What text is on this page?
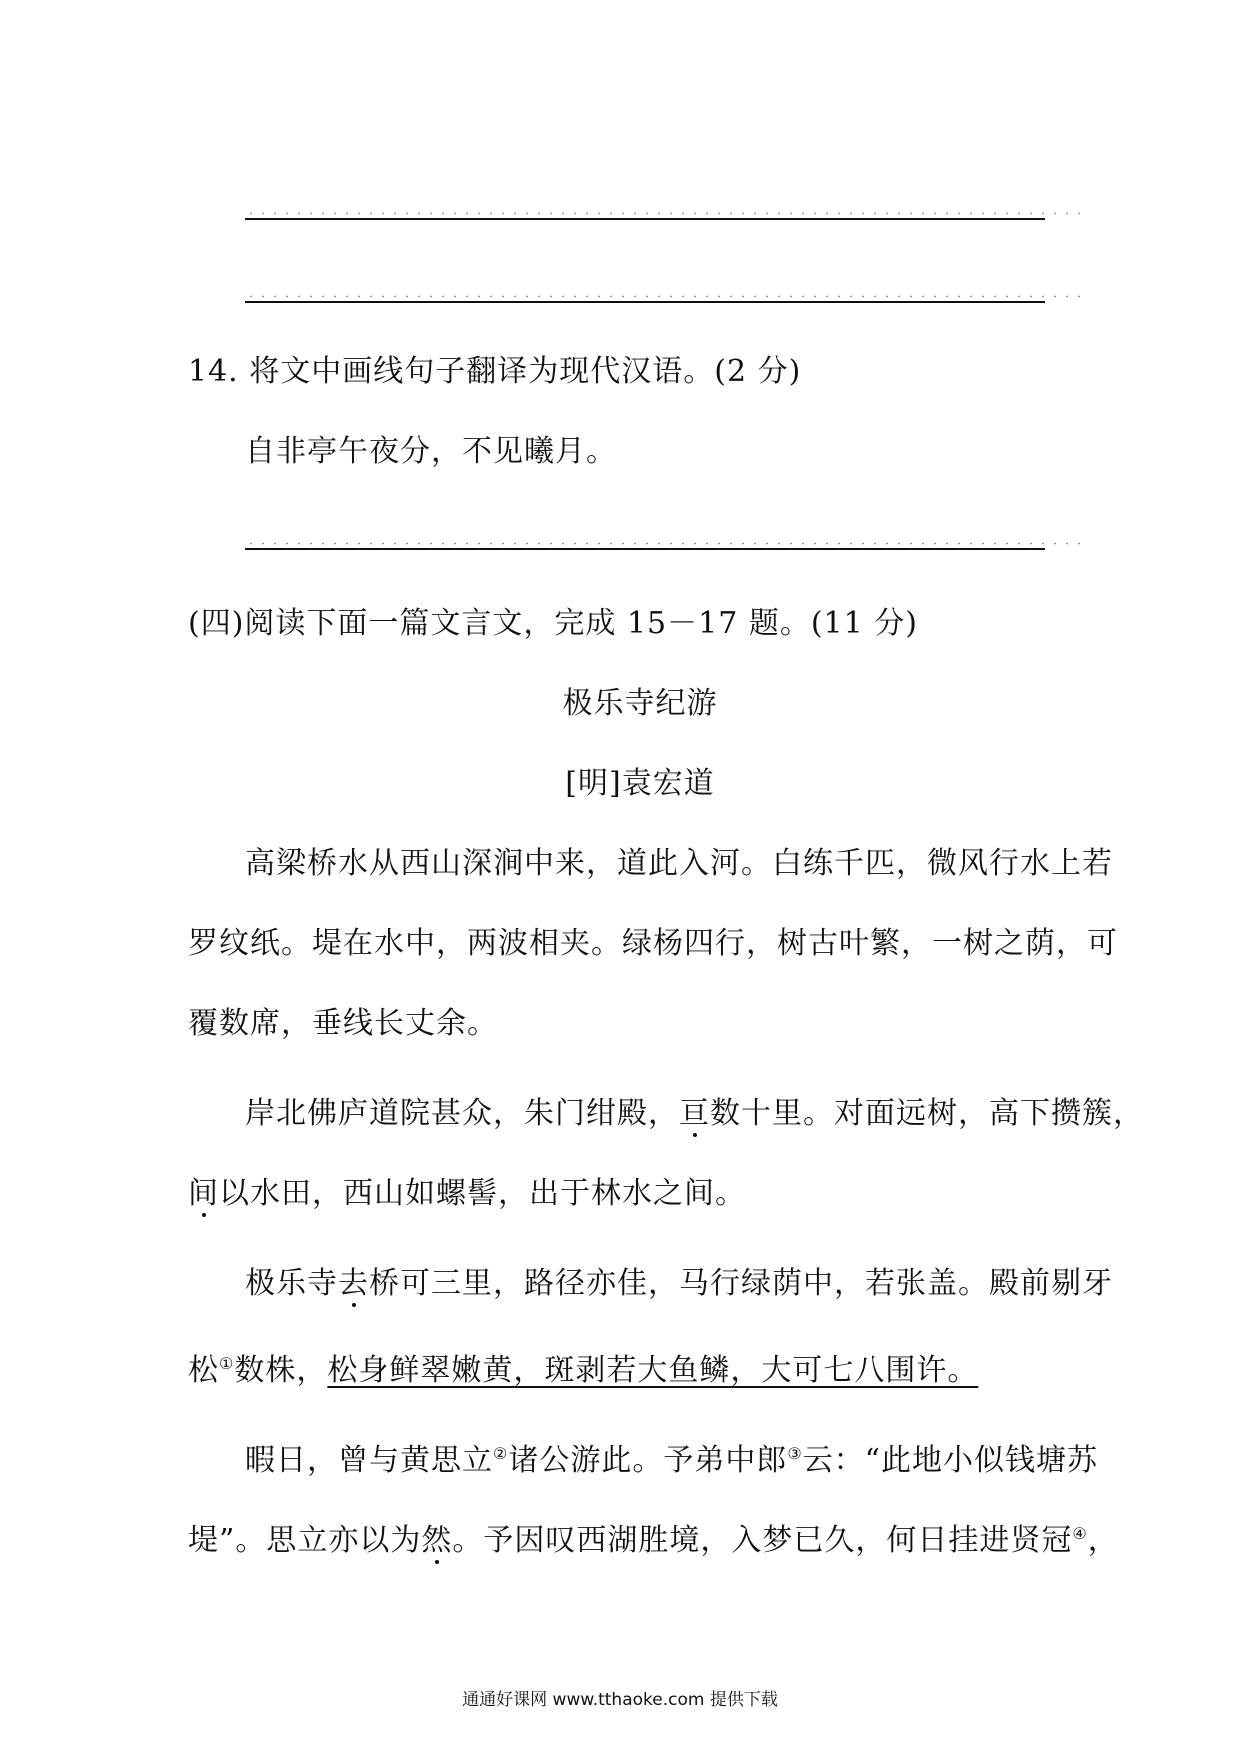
14. 将文中画线句子翻译为现代汉语。(2 分)
自非亭午夜分，不见曦月。
(四)阅读下面一篇文言文，完成 15－17 题。(11 分)
极乐寺纪游
[明]袁宏道
高梁桥水从西山深涧中来，道此入河。白练千匹，微风行水上若
罗纹纸。堤在水中，两波相夹。绿杨四行，树古叶繁，一树之荫，可
覆数席，垂线长丈余。
岸北佛庐道院甚众，朱门绀殿，亘数十里。对面远树，高下攒簇，
间以水田，西山如螺髻，出于林水之间。
极乐寺去桥可三里，路径亦佳，马行绿荫中，若张盖。殿前剔牙
松①数株，松身鲜翠嫩黄，斑剥若大鱼鳞，大可七八围许。
暇日，曾与黄思立②诸公游此。予弟中郎③云：“此地小似钱塘苏
堤”。思立亦以为然。予因叹西湖胜境，入梦已久，何日挂进贤冠④，
通通好课网 www.tthaoke.com 提供下载
